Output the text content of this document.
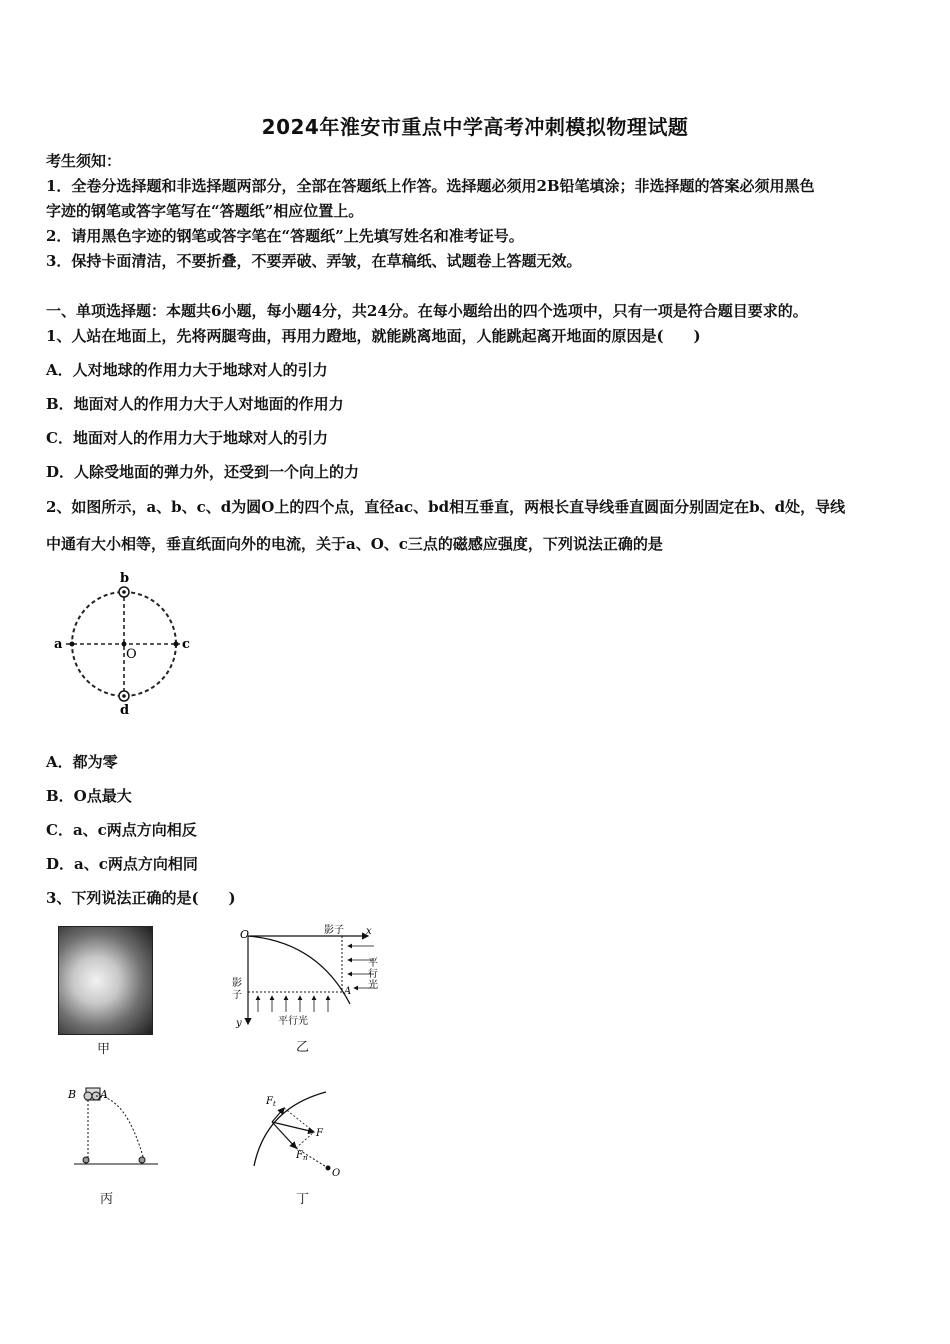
2024年淮安市重点中学高考冲刺模拟物理试题
考生须知：
1．全卷分选择题和非选择题两部分，全部在答题纸上作答。选择题必须用2B铅笔填涂；非选择题的答案必须用黑色
字迹的钢笔或答字笔写在“答题纸”相应位置上。
2．请用黑色字迹的钢笔或答字笔在“答题纸”上先填写姓名和准考证号。
3．保持卡面清洁，不要折叠，不要弄破、弄皱，在草稿纸、试题卷上答题无效。
一、单项选择题：本题共6小题，每小题4分，共24分。在每小题给出的四个选项中，只有一项是符合题目要求的。
1、人站在地面上，先将两腿弯曲，再用力蹬地，就能跳离地面，人能跳起离开地面的原因是(　　)
A．人对地球的作用力大于地球对人的引力
B．地面对人的作用力大于人对地面的作用力
C．地面对人的作用力大于地球对人的引力
D．人除受地面的弹力外，还受到一个向上的力
2、如图所示，a、b、c、d为圆O上的四个点，直径ac、bd相互垂直，两根长直导线垂直圆面分别固定在b、d处，导线
中通有大小相等，垂直纸面向外的电流，关于a、O、c三点的磁感应强度，下列说法正确的是
a	c
b
d
O
A．都为零
B．O点最大
C．a、c两点方向相反
D．a、c两点方向相同
3、下列说法正确的是(　　)
甲
O	x
y
A
影子
影
子
平行光
平
行
光
乙
A
B
丙
$F_t$
F
$F_n$
O
丁
